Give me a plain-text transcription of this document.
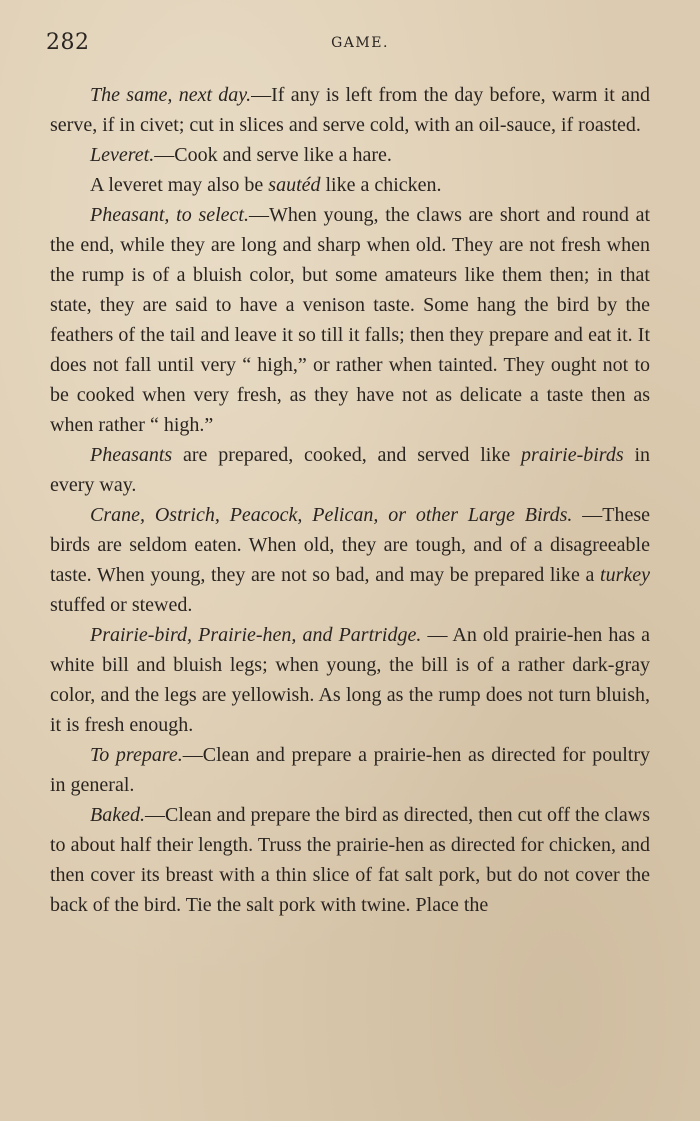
282	GAME.

The same, next day.—If any is left from the day before, warm it and serve, if in civet; cut in slices and serve cold, with an oil-sauce, if roasted.

Leveret.—Cook and serve like a hare.

A leveret may also be sautéd like a chicken.

Pheasant, to select.—When young, the claws are short and round at the end, while they are long and sharp when old. They are not fresh when the rump is of a bluish color, but some amateurs like them then; in that state, they are said to have a venison taste. Some hang the bird by the feathers of the tail and leave it so till it falls; then they prepare and eat it. It does not fall until very “ high,” or rather when tainted. They ought not to be cooked when very fresh, as they have not as delicate a taste then as when rather “ high.”

Pheasants are prepared, cooked, and served like prairie-birds in every way.

Crane, Ostrich, Peacock, Pelican, or other Large Birds. —These birds are seldom eaten. When old, they are tough, and of a disagreeable taste. When young, they are not so bad, and may be prepared like a turkey stuffed or stewed.

Prairie-bird, Prairie-hen, and Partridge. — An old prairie-hen has a white bill and bluish legs; when young, the bill is of a rather dark-gray color, and the legs are yellowish. As long as the rump does not turn bluish, it is fresh enough.

To prepare.—Clean and prepare a prairie-hen as directed for poultry in general.

Baked.—Clean and prepare the bird as directed, then cut off the claws to about half their length. Truss the prairie-hen as directed for chicken, and then cover its breast with a thin slice of fat salt pork, but do not cover the back of the bird. Tie the salt pork with twine. Place the
